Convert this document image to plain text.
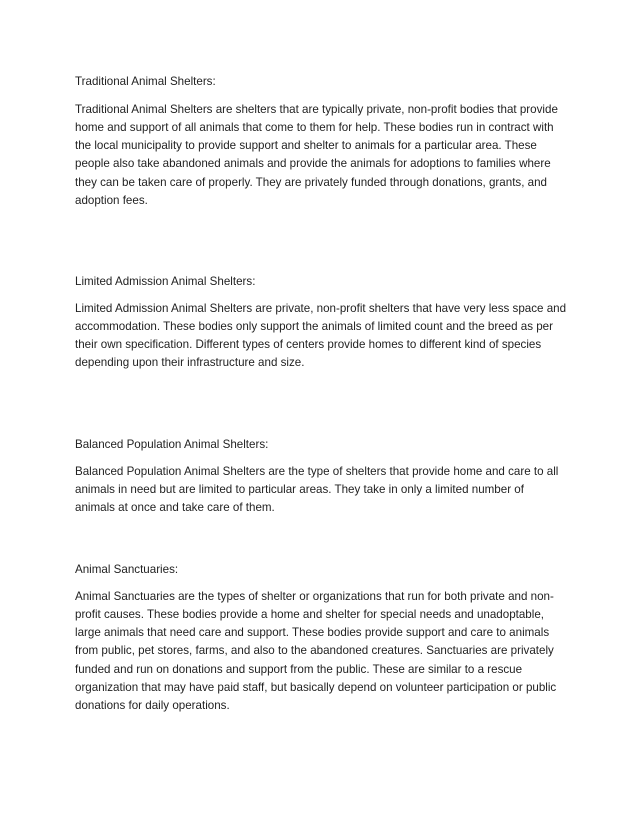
Traditional Animal Shelters:

Traditional Animal Shelters are shelters that are typically private, non-profit bodies that provide home and support of all animals that come to them for help. These bodies run in contract with the local municipality to provide support and shelter to animals for a particular area. These people also take abandoned animals and provide the animals for adoptions to families where they can be taken care of properly. They are privately funded through donations, grants, and adoption fees.

Limited Admission Animal Shelters:

Limited Admission Animal Shelters are private, non-profit shelters that have very less space and accommodation. These bodies only support the animals of limited count and the breed as per their own specification. Different types of centers provide homes to different kind of species depending upon their infrastructure and size.

Balanced Population Animal Shelters:

Balanced Population Animal Shelters are the type of shelters that provide home and care to all animals in need but are limited to particular areas. They take in only a limited number of animals at once and take care of them.

Animal Sanctuaries:

Animal Sanctuaries are the types of shelter or organizations that run for both private and non-profit causes. These bodies provide a home and shelter for special needs and unadoptable, large animals that need care and support. These bodies provide support and care to animals from public, pet stores, farms, and also to the abandoned creatures. Sanctuaries are privately funded and run on donations and support from the public. These are similar to a rescue organization that may have paid staff, but basically depend on volunteer participation or public donations for daily operations.
